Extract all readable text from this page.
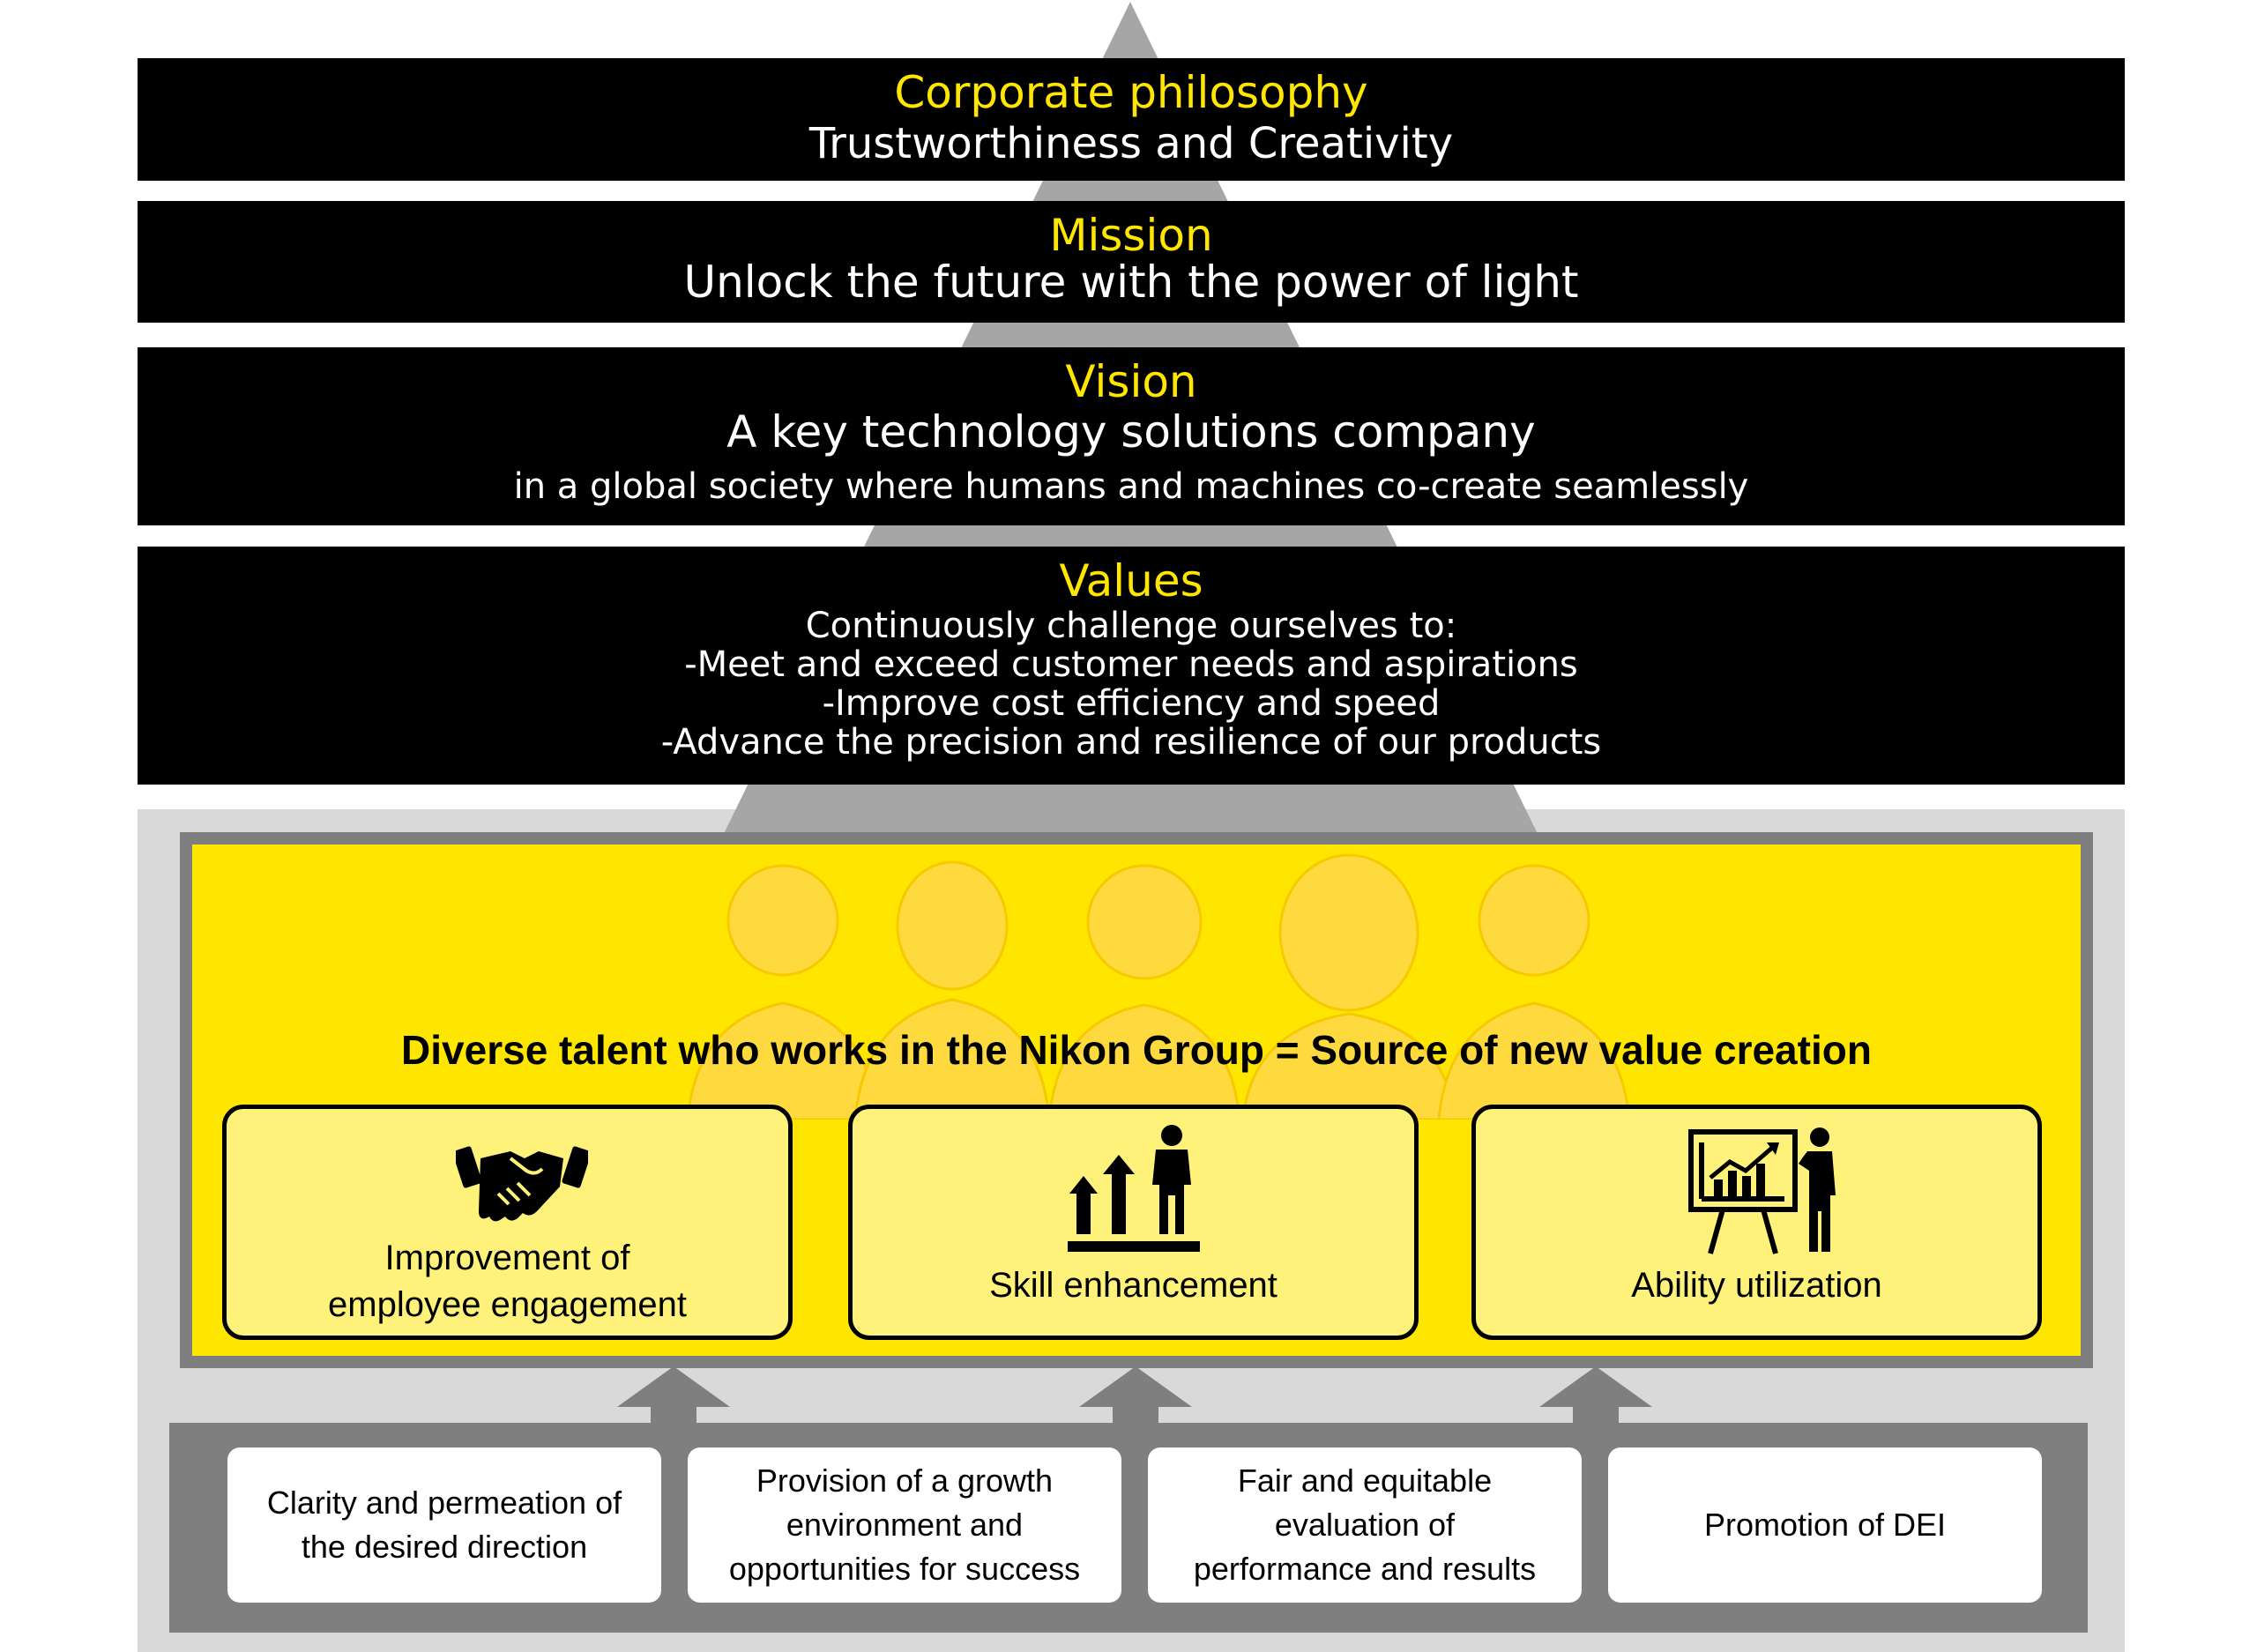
Corporate philosophy
Trustworthiness and Creativity
Mission
Unlock the future with the power of light
Vision
A key technology solutions company
in a global society where humans and machines co-create seamlessly
Values
Continuously challenge ourselves to:
-Meet and exceed customer needs and aspirations
-Improve cost efficiency and speed
-Advance the precision and resilience of our products
Diverse talent who works in the Nikon Group = Source of new value creation
Improvement of
employee engagement	Skill enhancement	Ability utilization
Clarity and permeation of
the desired direction
Provision of a growth
environment and
opportunities for success
Fair and equitable
evaluation of
performance and results
Promotion of DEI
